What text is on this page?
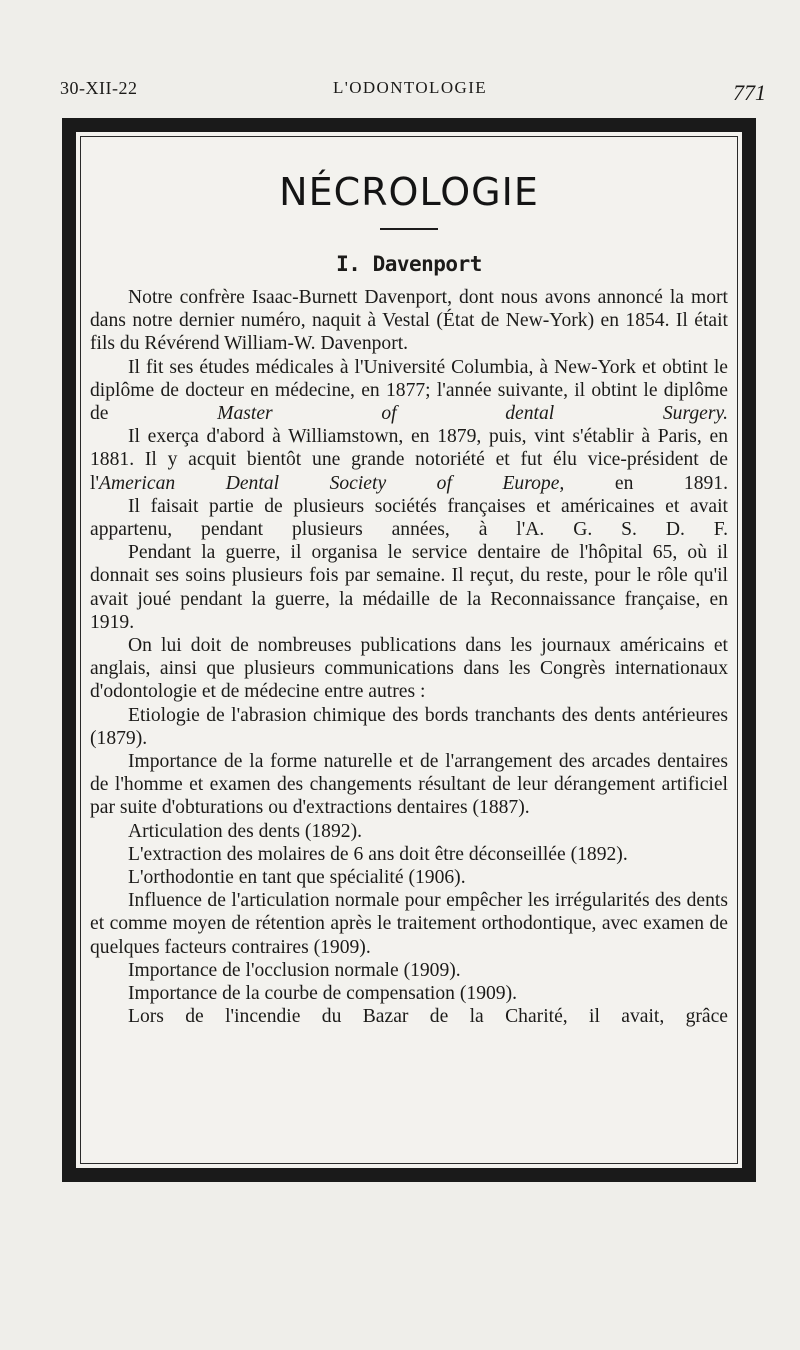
30-XII-22	L'ODONTOLOGIE	771
NÉCROLOGIE
I. Davenport

Notre confrère Isaac-Burnett Davenport, dont nous avons annoncé la mort dans notre dernier numéro, naquit à Vestal (État de New-York) en 1854. Il était fils du Révérend William-W. Davenport.

Il fit ses études médicales à l'Université Columbia, à New-York et obtint le diplôme de docteur en médecine, en 1877; l'année suivante, il obtint le diplôme de	Master of dental Surgery.

Il exerça d'abord à Williamstown, en 1879, puis, vint s'établir à Paris, en 1881. Il y acquit bientôt une grande notoriété et fut élu vice-président de l'American Dental Society of Europe,	en 1891.

Il faisait partie de plusieurs sociétés françaises et américaines et avait appartenu, pendant plusieurs années, à l'A. G. S. D. F.

Pendant la guerre, il organisa le service dentaire de l'hôpital 65, où il donnait ses soins plusieurs fois par semaine. Il reçut, du reste, pour le rôle qu'il avait joué pendant la guerre, la médaille de la Reconnaissance française, en 1919.

On lui doit de nombreuses publications dans les journaux américains et anglais, ainsi que plusieurs communications dans les Congrès internationaux d'odontologie et de médecine entre autres :

Etiologie de l'abrasion chimique des bords tranchants des dents antérieures (1879).

Importance de la forme naturelle et de l'arrangement des arcades dentaires de l'homme et examen des changements résultant de leur dérangement artificiel par suite d'obturations ou d'extractions dentaires (1887).

Articulation des dents (1892).

L'extraction des molaires de 6 ans doit être déconseillée (1892).

L'orthodontie en tant que spécialité (1906).

Influence de l'articulation normale pour empêcher les irrégularités des dents et comme moyen de rétention après le traitement orthodontique, avec examen de quelques facteurs contraires (1909).

Importance de l'occlusion normale (1909).

Importance de la courbe de compensation (1909).

Lors de l'incendie du Bazar de la Charité, il avait, grâce
